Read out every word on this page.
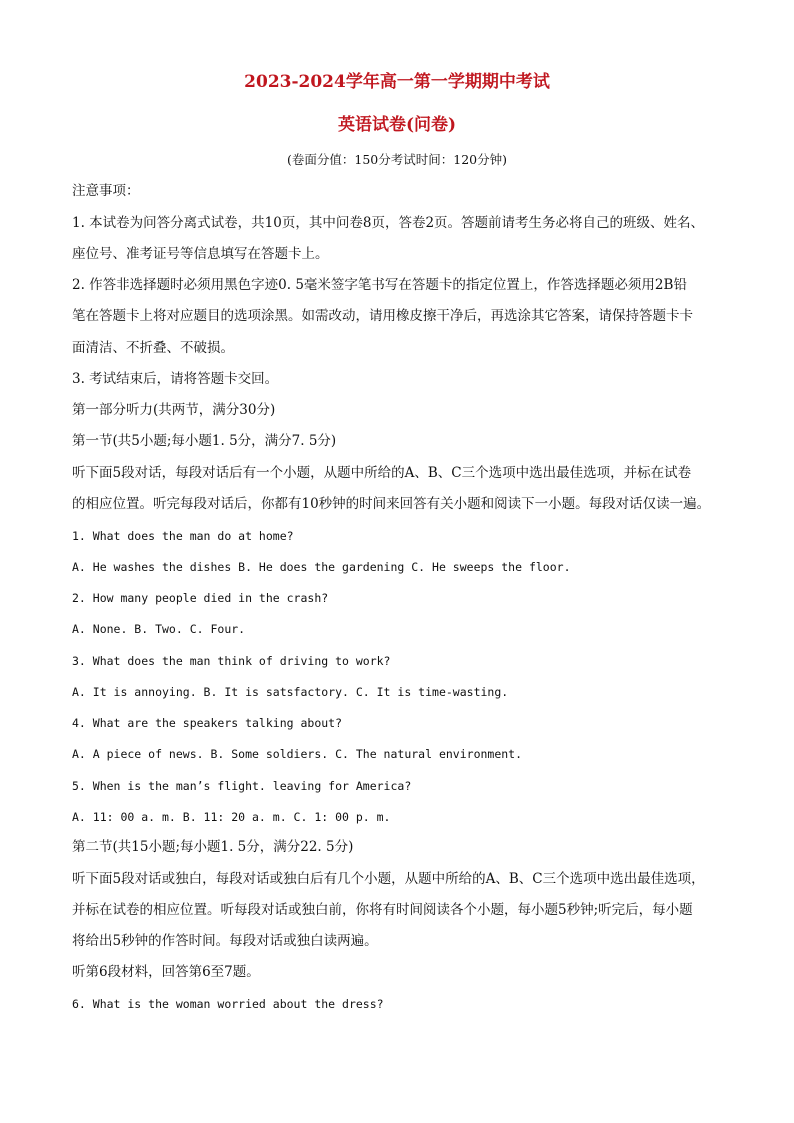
2023-2024学年高一第一学期期中考试
英语试卷(问卷)
(卷面分值：150分考试时间：120分钟)
注意事项：
1. 本试卷为问答分离式试卷，共10页，其中问卷8页，答卷2页。答题前请考生务必将自己的班级、姓名、
座位号、准考证号等信息填写在答题卡上。
2. 作答非选择题时必须用黑色字迹0. 5毫米签字笔书写在答题卡的指定位置上，作答选择题必须用2B铅
笔在答题卡上将对应题目的选项涂黑。如需改动，请用橡皮擦干净后，再选涂其它答案，请保持答题卡卡
面清洁、不折叠、不破损。
3. 考试结束后，请将答题卡交回。
第一部分听力(共两节，满分30分)
第一节(共5小题;每小题1. 5分，满分7. 5分)
听下面5段对话，每段对话后有一个小题，从题中所给的A、B、C三个选项中选出最佳选项，并标在试卷
的相应位置。听完每段对话后，你都有10秒钟的时间来回答有关小题和阅读下一小题。每段对话仅读一遍。
1. What does the man do at home?
A. He washes the dishes B. He does the gardening C. He sweeps the floor.
2. How many people died in the crash?
A. None. B. Two. C. Four.
3. What does the man think of driving to work?
A. It is annoying. B. It is satsfactory. C. It is time-wasting.
4. What are the speakers talking about?
A. A piece of news. B. Some soldiers. C. The natural environment.
5. When is the man’s flight. leaving for America?
A. 11: 00 a. m. B. 11: 20 a. m. C. 1: 00 p. m.
第二节(共15小题;每小题1. 5分，满分22. 5分)
听下面5段对话或独白，每段对话或独白后有几个小题，从题中所给的A、B、C三个选项中选出最佳选项，
并标在试卷的相应位置。听每段对话或独白前，你将有时间阅读各个小题，每小题5秒钟;听完后，每小题
将给出5秒钟的作答时间。每段对话或独白读两遍。
听第6段材料，回答第6至7题。
6. What is the woman worried about the dress?
